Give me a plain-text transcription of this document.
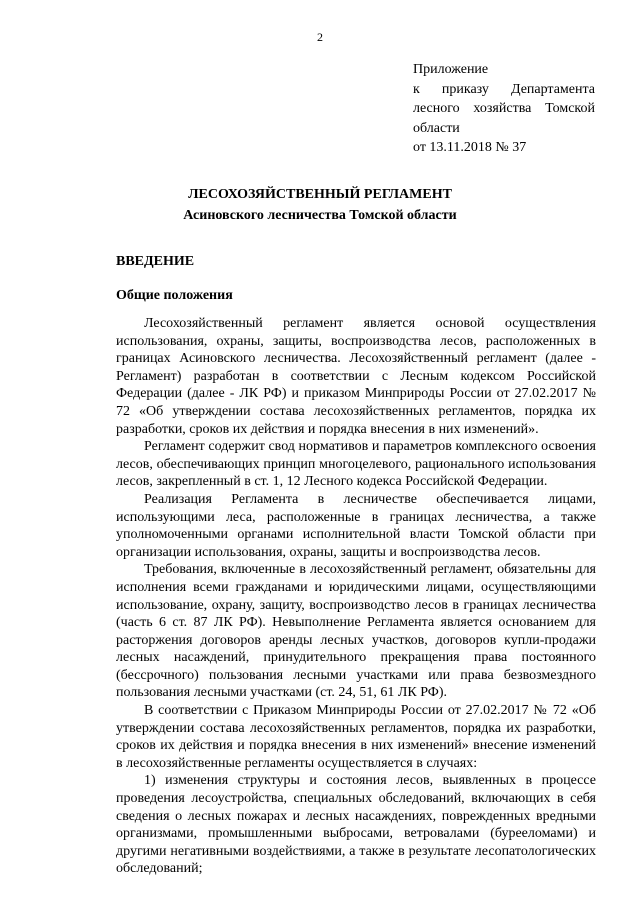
2
Приложение
к приказу Департамента
лесного хозяйства Томской
области
от 13.11.2018 № 37
ЛЕСОХОЗЯЙСТВЕННЫЙ РЕГЛАМЕНТ
Асиновского лесничества Томской области
ВВЕДЕНИЕ
Общие положения

Лесохозяйственный регламент является основой осуществления использования, охраны, защиты, воспроизводства лесов, расположенных в границах Асиновского лесничества. Лесохозяйственный регламент (далее - Регламент) разработан в соответствии с Лесным кодексом Российской Федерации (далее - ЛК РФ) и приказом Минприроды России от 27.02.2017 № 72 «Об утверждении состава лесохозяйственных регламентов, порядка их разработки, сроков их действия и порядка внесения в них изменений».

Регламент содержит свод нормативов и параметров комплексного освоения лесов, обеспечивающих принцип многоцелевого, рационального использования лесов, закрепленный в ст. 1, 12 Лесного кодекса Российской Федерации.

Реализация Регламента в лесничестве обеспечивается лицами, использующими леса, расположенные в границах лесничества, а также уполномоченными органами исполнительной власти Томской области при организации использования, охраны, защиты и воспроизводства лесов.

Требования, включенные в лесохозяйственный регламент, обязательны для исполнения всеми гражданами и юридическими лицами, осуществляющими использование, охрану, защиту, воспроизводство лесов в границах лесничества (часть 6 ст. 87 ЛК РФ). Невыполнение Регламента является основанием для расторжения договоров аренды лесных участков, договоров купли-продажи лесных насаждений, принудительного прекращения права постоянного (бессрочного) пользования лесными участками или права безвозмездного пользования лесными участками (ст. 24, 51, 61 ЛК РФ).

В соответствии с Приказом Минприроды России от 27.02.2017 № 72 «Об утверждении состава лесохозяйственных регламентов, порядка их разработки, сроков их действия и порядка внесения в них изменений» внесение изменений в лесохозяйственные регламенты осуществляется в случаях:

1) изменения структуры и состояния лесов, выявленных в процессе проведения лесоустройства, специальных обследований, включающих в себя сведения о лесных пожарах и лесных насаждениях, поврежденных вредными организмами, промышленными выбросами, ветровалами (бурееломами) и другими негативными воздействиями, а также в результате лесопатологических обследований;
